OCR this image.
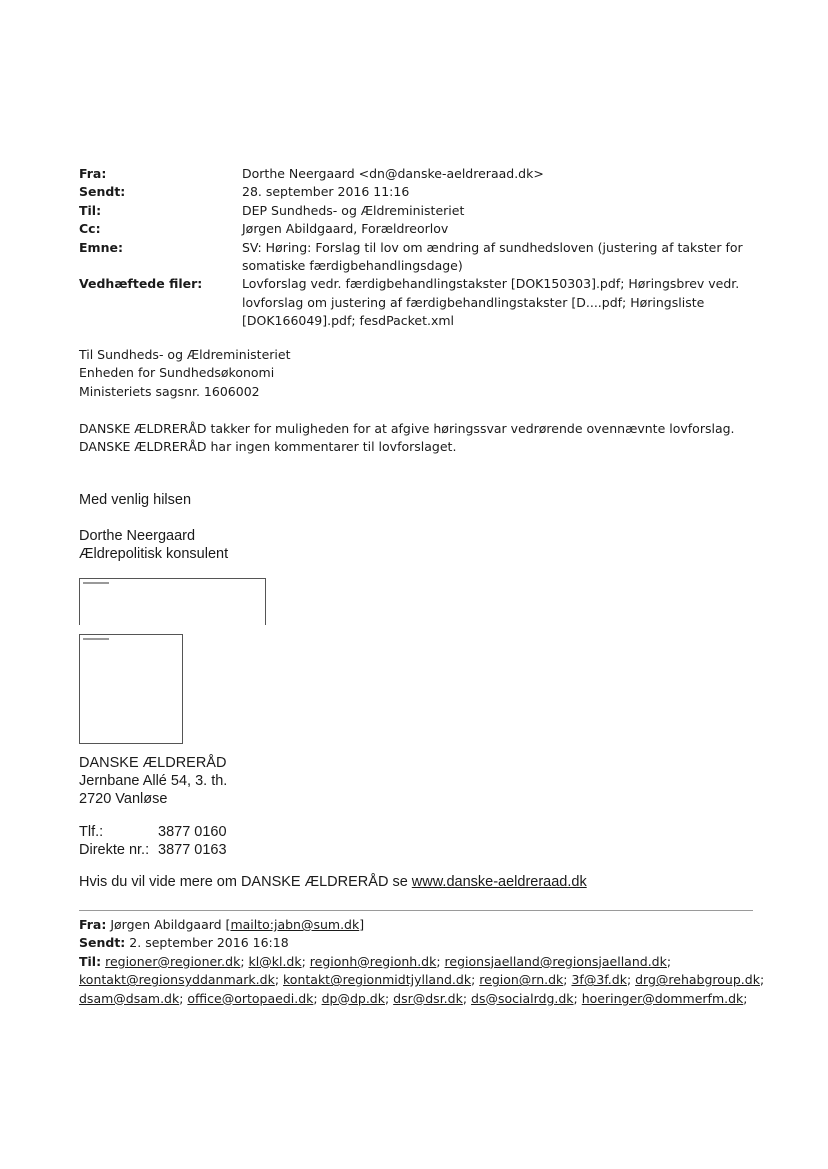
Fra:	Dorthe Neergaard <dn@danske-aeldreraad.dk>
Sendt:	28. september 2016 11:16
Til:	DEP Sundheds- og Ældreministeriet
Cc:	Jørgen Abildgaard, Forældreorlov
Emne:	SV: Høring: Forslag til lov om ændring af sundhedsloven (justering af takster for somatiske færdigbehandlingsdage)
Vedhæftede filer:	Lovforslag vedr. færdigbehandlingstakster [DOK150303].pdf; Høringsbrev vedr. lovforslag om justering af færdigbehandlingstakster [D....pdf; Høringsliste [DOK166049].pdf; fesdPacket.xml
Til Sundheds- og Ældreministeriet
Enheden for Sundhedsøkonomi
Ministeriets sagsnr. 1606002
DANSKE ÆLDRERÅD takker for muligheden for at afgive høringssvar vedrørende ovennævnte lovforslag.
DANSKE ÆLDRERÅD har ingen kommentarer til lovforslaget.
Med venlig hilsen
Dorthe Neergaard
Ældrepolitisk konsulent
DANSKE ÆLDRERÅD
Jernbane Allé 54, 3. th.
2720 Vanløse
Tlf.:	3877 0160
Direkte nr.: 3877 0163
Hvis du vil vide mere om DANSKE ÆLDRERÅD se www.danske-aeldreraad.dk
Fra: Jørgen Abildgaard [mailto:jabn@sum.dk]
Sendt: 2. september 2016 16:18
Til: regioner@regioner.dk; kl@kl.dk; regionh@regionh.dk; regionsjaelland@regionsjaelland.dk; kontakt@regionsyddanmark.dk; kontakt@regionmidtjylland.dk; region@rn.dk; 3f@3f.dk; drg@rehabgroup.dk; dsam@dsam.dk; office@ortopaedi.dk; dp@dp.dk; dsr@dsr.dk; ds@socialrdg.dk; hoeringer@dommerfm.dk;
